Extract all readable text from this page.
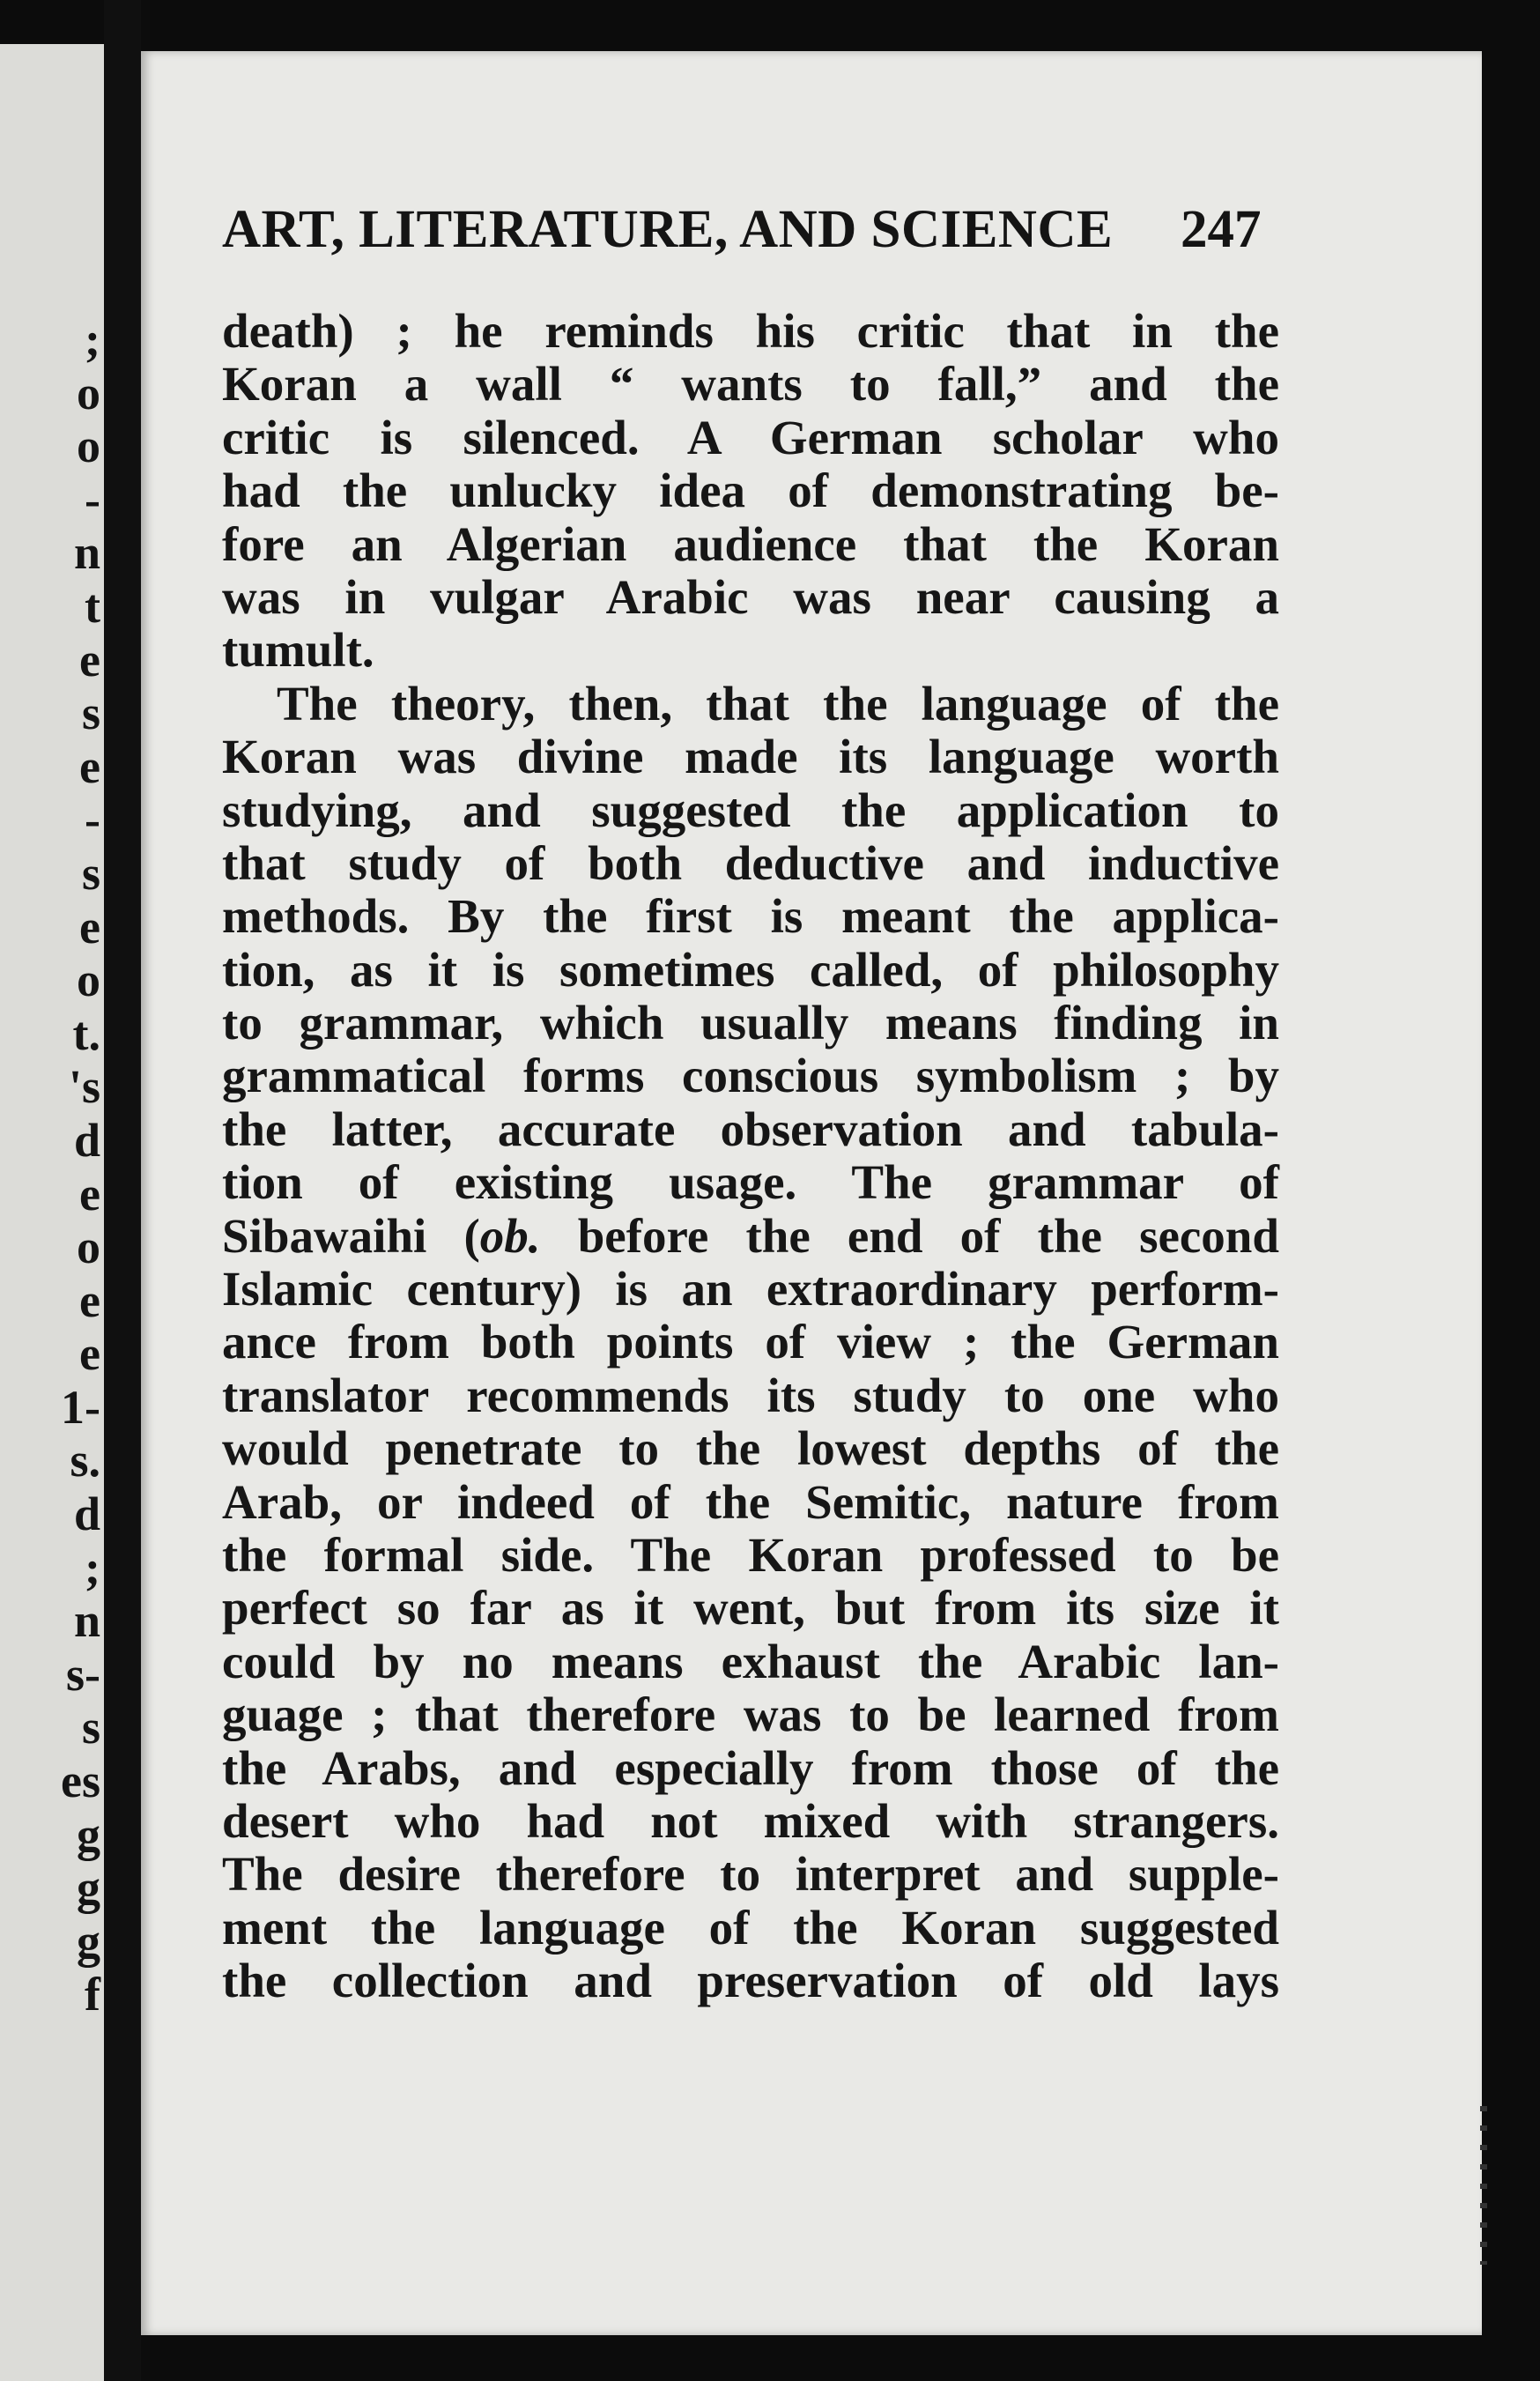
;
o
o
-
n
t
e
s
e
-
s
e
o
t.
's
d
e
o
e
e
1-
s.
d
;
n
s-
s
es
g
g
g
f
ART, LITERATURE, AND SCIENCE 247
death) ; he reminds his critic that in the
Koran a wall “ wants to fall,” and the
critic is silenced. A German scholar who
had the unlucky idea of demonstrating be-
fore an Algerian audience that the Koran
was in vulgar Arabic was near causing a
tumult.
The theory, then, that the language of the
Koran was divine made its language worth
studying, and suggested the application to
that study of both deductive and inductive
methods. By the first is meant the applica-
tion, as it is sometimes called, of philosophy
to grammar, which usually means finding in
grammatical forms conscious symbolism ; by
the latter, accurate observation and tabula-
tion of existing usage. The grammar of
Sibawaihi (ob. before the end of the second
Islamic century) is an extraordinary perform-
ance from both points of view ; the German
translator recommends its study to one who
would penetrate to the lowest depths of the
Arab, or indeed of the Semitic, nature from
the formal side. The Koran professed to be
perfect so far as it went, but from its size it
could by no means exhaust the Arabic lan-
guage ; that therefore was to be learned from
the Arabs, and especially from those of the
desert who had not mixed with strangers.
The desire therefore to interpret and supple-
ment the language of the Koran suggested
the collection and preservation of old lays
